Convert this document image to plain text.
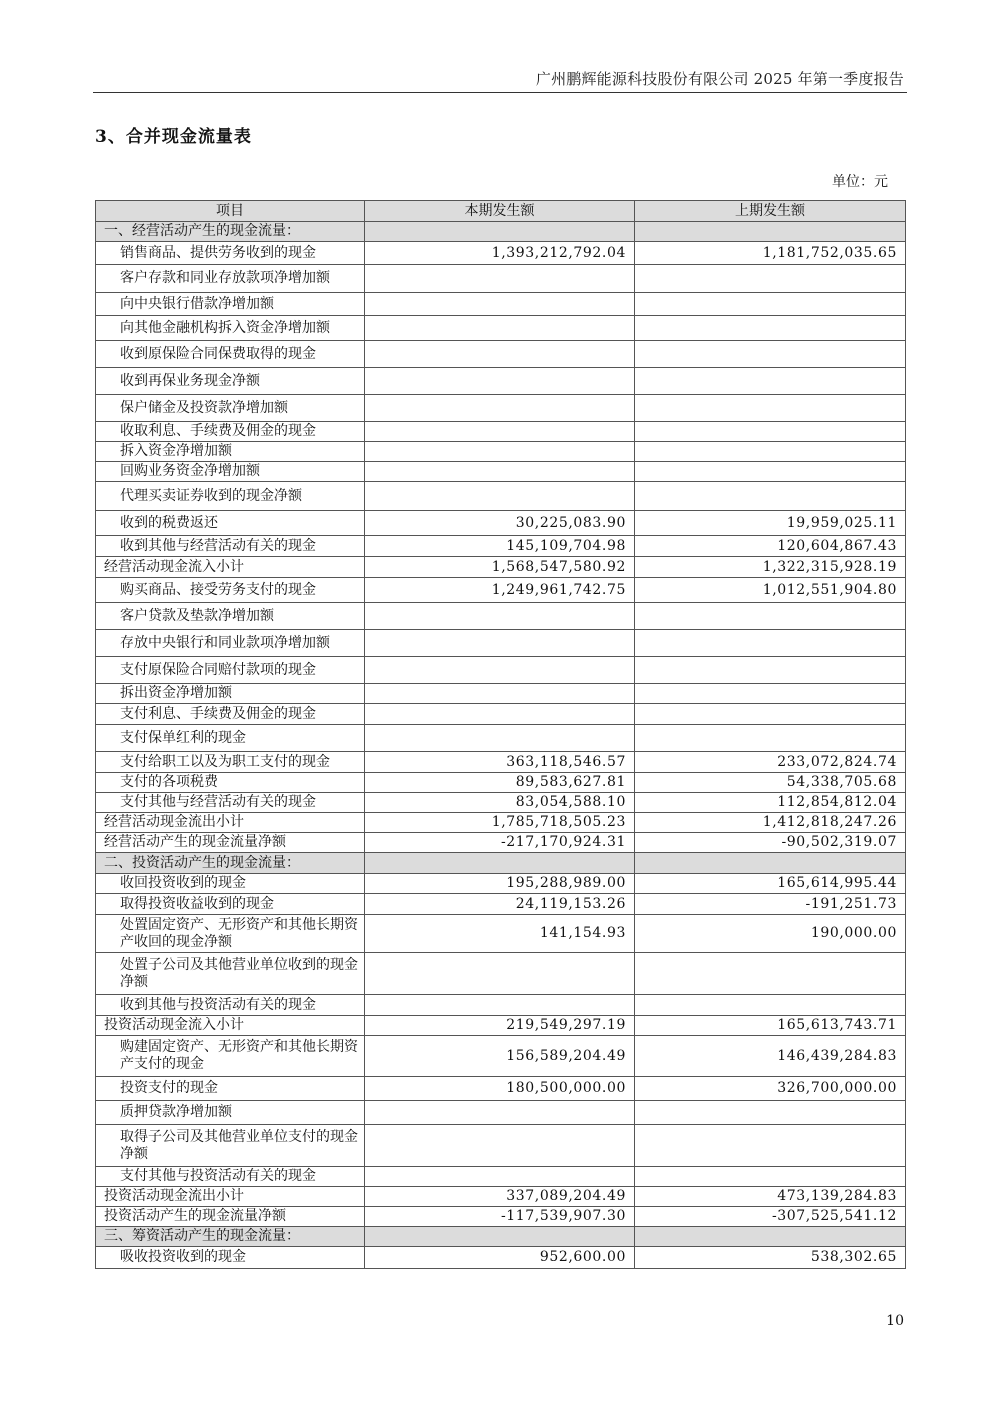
广州鹏辉能源科技股份有限公司 2025 年第一季度报告
3、合并现金流量表
单位：元
项目	本期发生额	上期发生额
一、经营活动产生的现金流量：		
销售商品、提供劳务收到的现金	1,393,212,792.04	1,181,752,035.65
客户存款和同业存放款项净增加额		
向中央银行借款净增加额		
向其他金融机构拆入资金净增加额		
收到原保险合同保费取得的现金		
收到再保业务现金净额		
保户储金及投资款净增加额		
收取利息、手续费及佣金的现金		
拆入资金净增加额		
回购业务资金净增加额		
代理买卖证券收到的现金净额		
收到的税费返还	30,225,083.90	19,959,025.11
收到其他与经营活动有关的现金	145,109,704.98	120,604,867.43
经营活动现金流入小计	1,568,547,580.92	1,322,315,928.19
购买商品、接受劳务支付的现金	1,249,961,742.75	1,012,551,904.80
客户贷款及垫款净增加额		
存放中央银行和同业款项净增加额		
支付原保险合同赔付款项的现金		
拆出资金净增加额		
支付利息、手续费及佣金的现金		
支付保单红利的现金		
支付给职工以及为职工支付的现金	363,118,546.57	233,072,824.74
支付的各项税费	89,583,627.81	54,338,705.68
支付其他与经营活动有关的现金	83,054,588.10	112,854,812.04
经营活动现金流出小计	1,785,718,505.23	1,412,818,247.26
经营活动产生的现金流量净额	-217,170,924.31	-90,502,319.07
二、投资活动产生的现金流量：		
收回投资收到的现金	195,288,989.00	165,614,995.44
取得投资收益收到的现金	24,119,153.26	-191,251.73
处置固定资产、无形资产和其他长期资产收回的现金净额	141,154.93	190,000.00
处置子公司及其他营业单位收到的现金净额		
收到其他与投资活动有关的现金		
投资活动现金流入小计	219,549,297.19	165,613,743.71
购建固定资产、无形资产和其他长期资产支付的现金	156,589,204.49	146,439,284.83
投资支付的现金	180,500,000.00	326,700,000.00
质押贷款净增加额		
取得子公司及其他营业单位支付的现金净额		
支付其他与投资活动有关的现金		
投资活动现金流出小计	337,089,204.49	473,139,284.83
投资活动产生的现金流量净额	-117,539,907.30	-307,525,541.12
三、筹资活动产生的现金流量：		
吸收投资收到的现金	952,600.00	538,302.65
10
